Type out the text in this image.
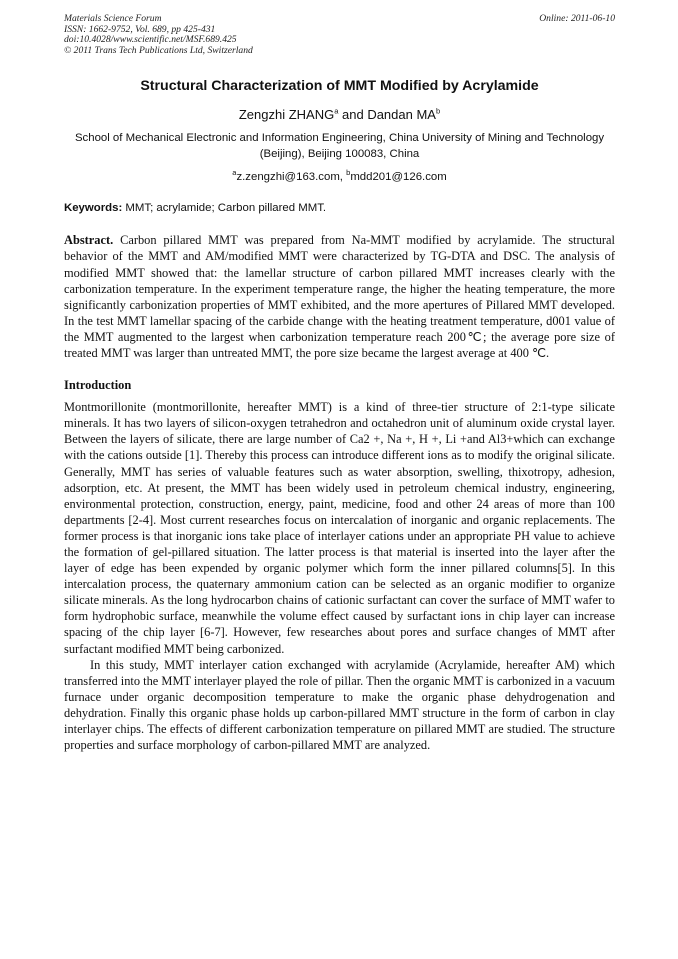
Materials Science Forum
ISSN: 1662-9752, Vol. 689, pp 425-431
doi:10.4028/www.scientific.net/MSF.689.425
© 2011 Trans Tech Publications Ltd, Switzerland
Online: 2011-06-10
Structural Characterization of MMT Modified by Acrylamide
Zengzhi ZHANG$^a$ and Dandan $MA^b$
School of Mechanical Electronic and Information Engineering, China University of Mining and Technology (Beijing), Beijing 100083, China
$^a$z.zengzhi@163.com, $^b$mdd201@126.com
Keywords: MMT; acrylamide; Carbon pillared MMT.
Abstract. Carbon pillared MMT was prepared from Na-MMT modified by acrylamide. The structural behavior of the MMT and AM/modified MMT were characterized by TG-DTA and DSC. The analysis of modified MMT showed that: the lamellar structure of carbon pillared MMT increases clearly with the carbonization temperature. In the experiment temperature range, the higher the heating temperature, the more significantly carbonization properties of MMT exhibited, and the more apertures of Pillared MMT developed. In the test MMT lamellar spacing of the carbide change with the heating treatment temperature, d001 value of the MMT augmented to the largest when carbonization temperature reach 200℃; the average pore size of treated MMT was larger than untreated MMT, the pore size became the largest average at 400 ℃.
Introduction

Montmorillonite (montmorillonite, hereafter MMT) is a kind of three-tier structure of 2:1-type silicate minerals. It has two layers of silicon-oxygen tetrahedron and octahedron unit of aluminum oxide crystal layer. Between the layers of silicate, there are large number of Ca2 +, Na +, H +, Li +and Al3+which can exchange with the cations outside [1]. Thereby this process can introduce different ions as to modify the original silicate. Generally, MMT has series of valuable features such as water absorption, swelling, thixotropy, adhesion, adsorption, etc. At present, the MMT has been widely used in petroleum chemical industry, engineering, environmental protection, construction, energy, paint, medicine, food and other 24 areas of more than 100 departments [2-4]. Most current researches focus on intercalation of inorganic and organic replacements. The former process is that inorganic ions take place of interlayer cations under an appropriate PH value to achieve the formation of gel-pillared situation. The latter process is that material is inserted into the layer after the layer of edge has been expended by organic polymer which form the inner pillared columns[5]. In this intercalation process, the quaternary ammonium cation can be selected as an organic modifier to organize silicate minerals. As the long hydrocarbon chains of cationic surfactant can cover the surface of MMT wafer to form hydrophobic surface, meanwhile the volume effect caused by surfactant ions in chip layer can increase spacing of the chip layer [6-7]. However, few researches about pores and surface changes of MMT after surfactant modified MMT being carbonized.

In this study, MMT interlayer cation exchanged with acrylamide (Acrylamide, hereafter AM) which transferred into the MMT interlayer played the role of pillar. Then the organic MMT is carbonized in a vacuum furnace under organic decomposition temperature to make the organic phase dehydrogenation and dehydration. Finally this organic phase holds up carbon-pillared MMT structure in the form of carbon in clay interlayer chips. The effects of different carbonization temperature on pillared MMT are studied. The structure properties and surface morphology of carbon-pillared MMT are analyzed.
